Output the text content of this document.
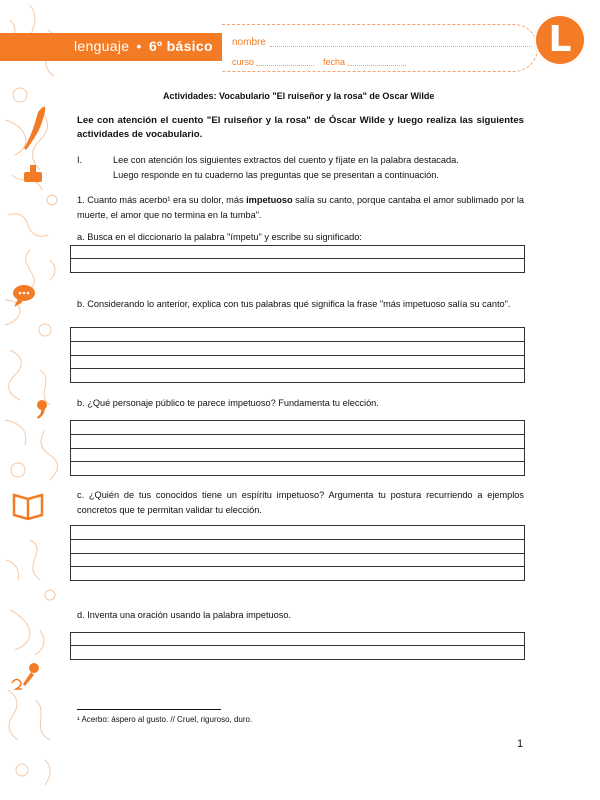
lenguaje • 6º básico nombre
curso	fecha
L
Actividades: Vocabulario "El ruiseñor y la rosa" de Oscar Wilde
Lee con atención el cuento "El ruiseñor y la rosa" de Óscar Wilde y luego realiza las siguientes actividades de vocabulario.
I.	Lee con atención los siguientes extractos del cuento y fíjate en la palabra destacada.
Luego responde en tu cuaderno las preguntas que se presentan a continuación.
1. Cuanto más acerbo¹ era su dolor, más impetuoso salía su canto, porque cantaba el amor sublimado por la muerte, el amor que no termina en la tumba".
a. Busca en el diccionario la palabra "ímpetu" y escribe su significado:
b. Considerando lo anterior, explica con tus palabras qué significa la frase "más impetuoso salía su canto".
b. ¿Qué personaje público te parece impetuoso? Fundamenta tu elección.
c. ¿Quién de tus conocidos tiene un espíritu impetuoso? Argumenta tu postura recurriendo a ejemplos concretos que te permitan validar tu elección.
d. Inventa una oración usando la palabra impetuoso.
¹ Acerbo: áspero al gusto. // Cruel, riguroso, duro.
1
